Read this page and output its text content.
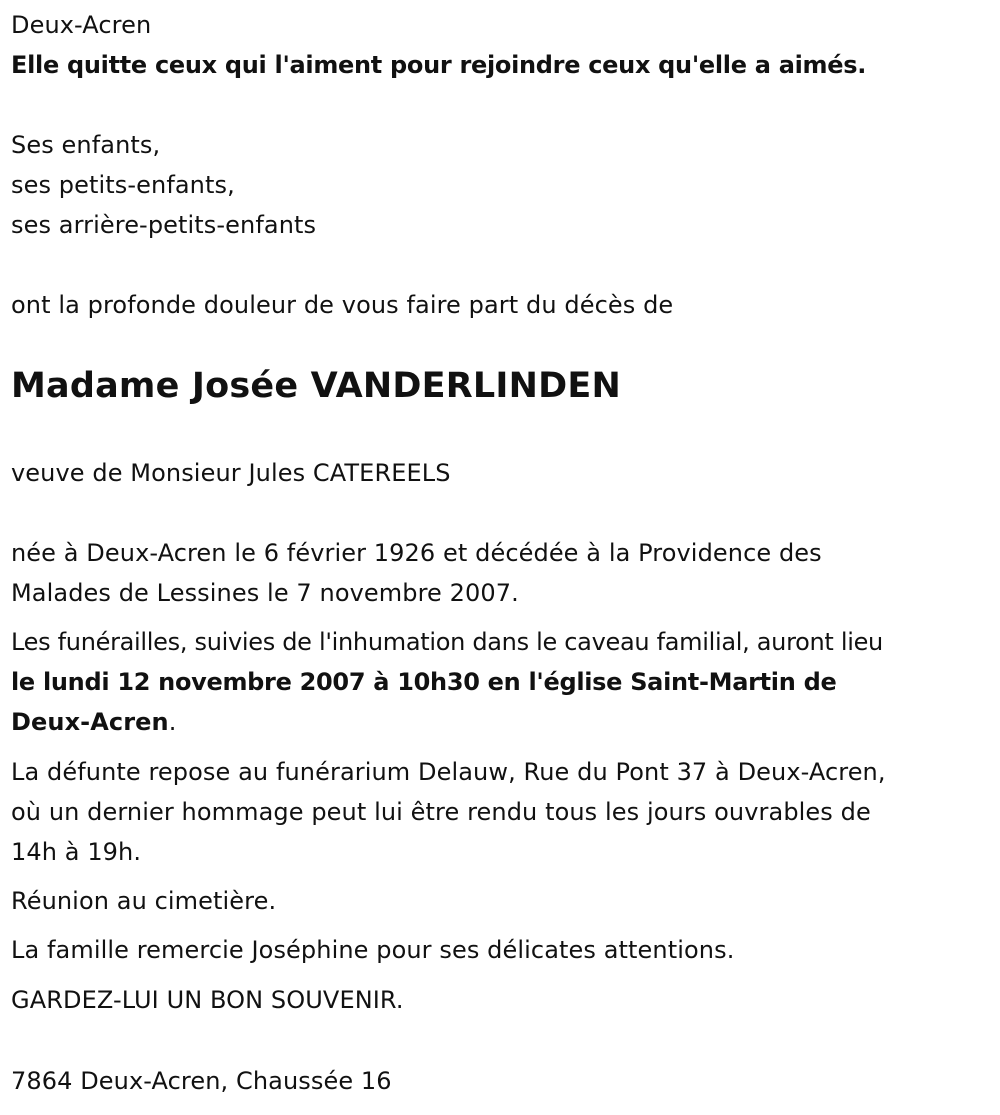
Deux-Acren
Elle quitte ceux qui l'aiment pour rejoindre ceux qu'elle a aimés.
Ses enfants,
ses petits-enfants,
ses arrière-petits-enfants
ont la profonde douleur de vous faire part du décès de
Madame Josée VANDERLINDEN
veuve de Monsieur Jules CATEREELS
née à Deux-Acren le 6 février 1926 et décédée à la Providence des
Malades de Lessines le 7 novembre 2007.
Les funérailles, suivies de l'inhumation dans le caveau familial, auront lieu
le lundi 12 novembre 2007 à 10h30 en l'église Saint-Martin de
Deux-Acren.
La défunte repose au funérarium Delauw, Rue du Pont 37 à Deux-Acren,
où un dernier hommage peut lui être rendu tous les jours ouvrables de
14h à 19h.
Réunion au cimetière.
La famille remercie Joséphine pour ses délicates attentions.
GARDEZ-LUI UN BON SOUVENIR.
7864 Deux-Acren, Chaussée 16
